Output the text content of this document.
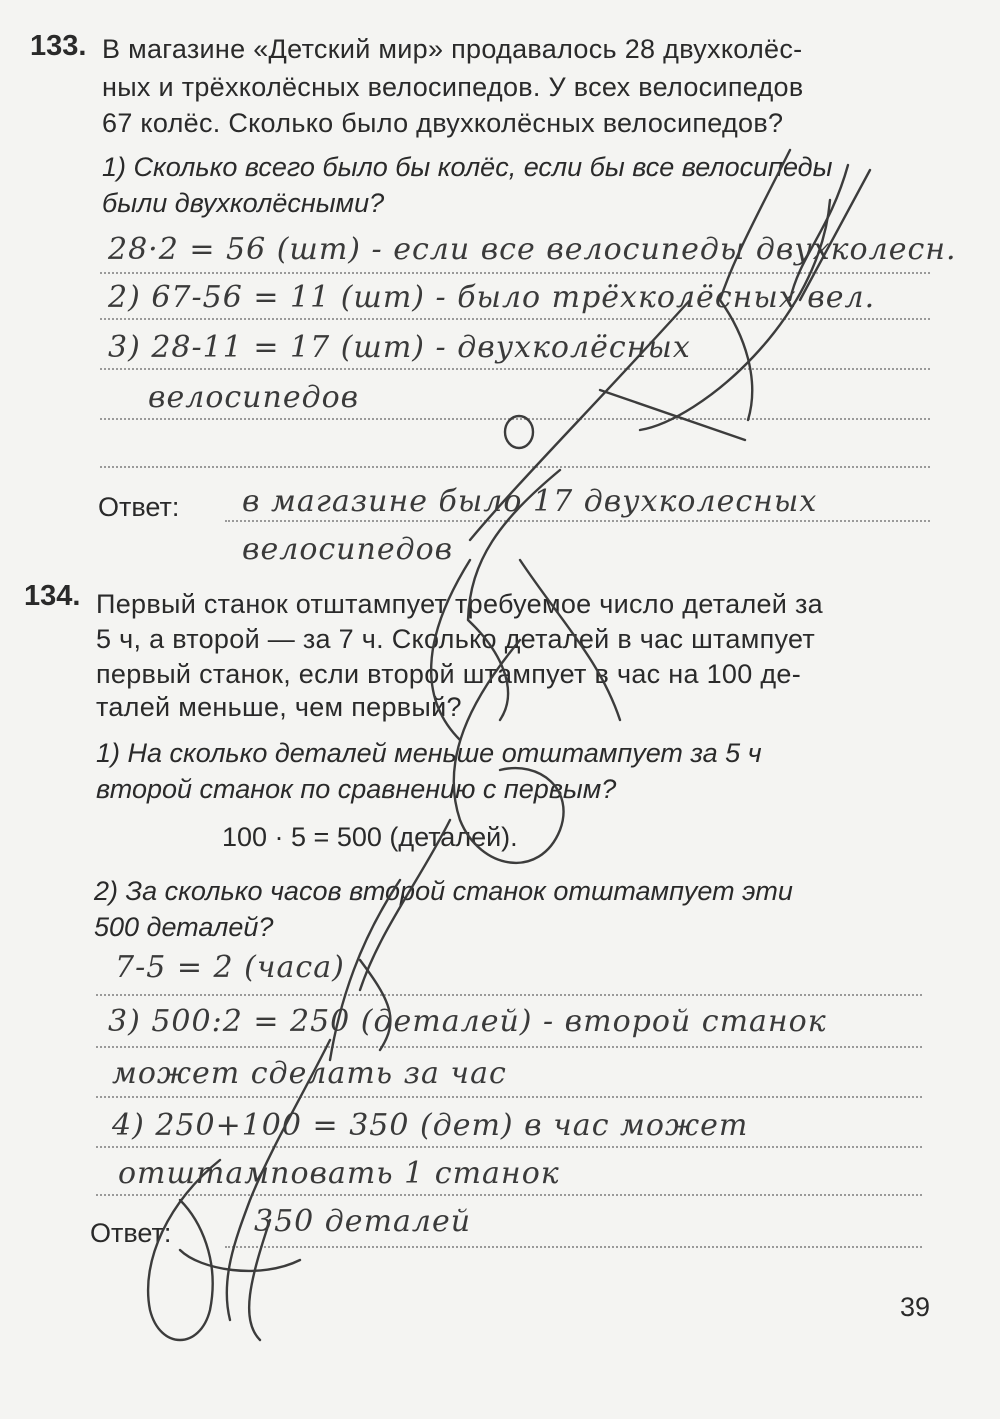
133. В магазине «Детский мир» продавалось 28 двухколёс-
ных и трёхколёсных велосипедов. У всех велосипедов
67 колёс. Сколько было двухколёсных велосипедов?
1) Сколько всего было бы колёс, если бы все велосипеды
были двухколёсными?
28·2 = 56 (шт) - если все велосипеды двухколесн.
2) 67-56 = 11 (шт) - было трёхколёсных вел.
3) 28-11 = 17 (шт) - двухколёсных
велосипедов
Ответ: в магазине было 17 двухколесных
велосипедов
134. Первый станок отштампует требуемое число деталей за
5 ч, а второй — за 7 ч. Сколько деталей в час штампует
первый станок, если второй штампует в час на 100 де-
талей меньше, чем первый?
1) На сколько деталей меньше отштампует за 5 ч
второй станок по сравнению с первым?
100 · 5 = 500 (деталей).
2) За сколько часов второй станок отштампует эти
500 деталей?
7-5 = 2 (часа)
3) 500:2 = 250 (деталей) - второй станок
может сделать за час
4) 250+100 = 350 (дет) в час может
отштамповать 1 станок
Ответ:	350 деталей
39
